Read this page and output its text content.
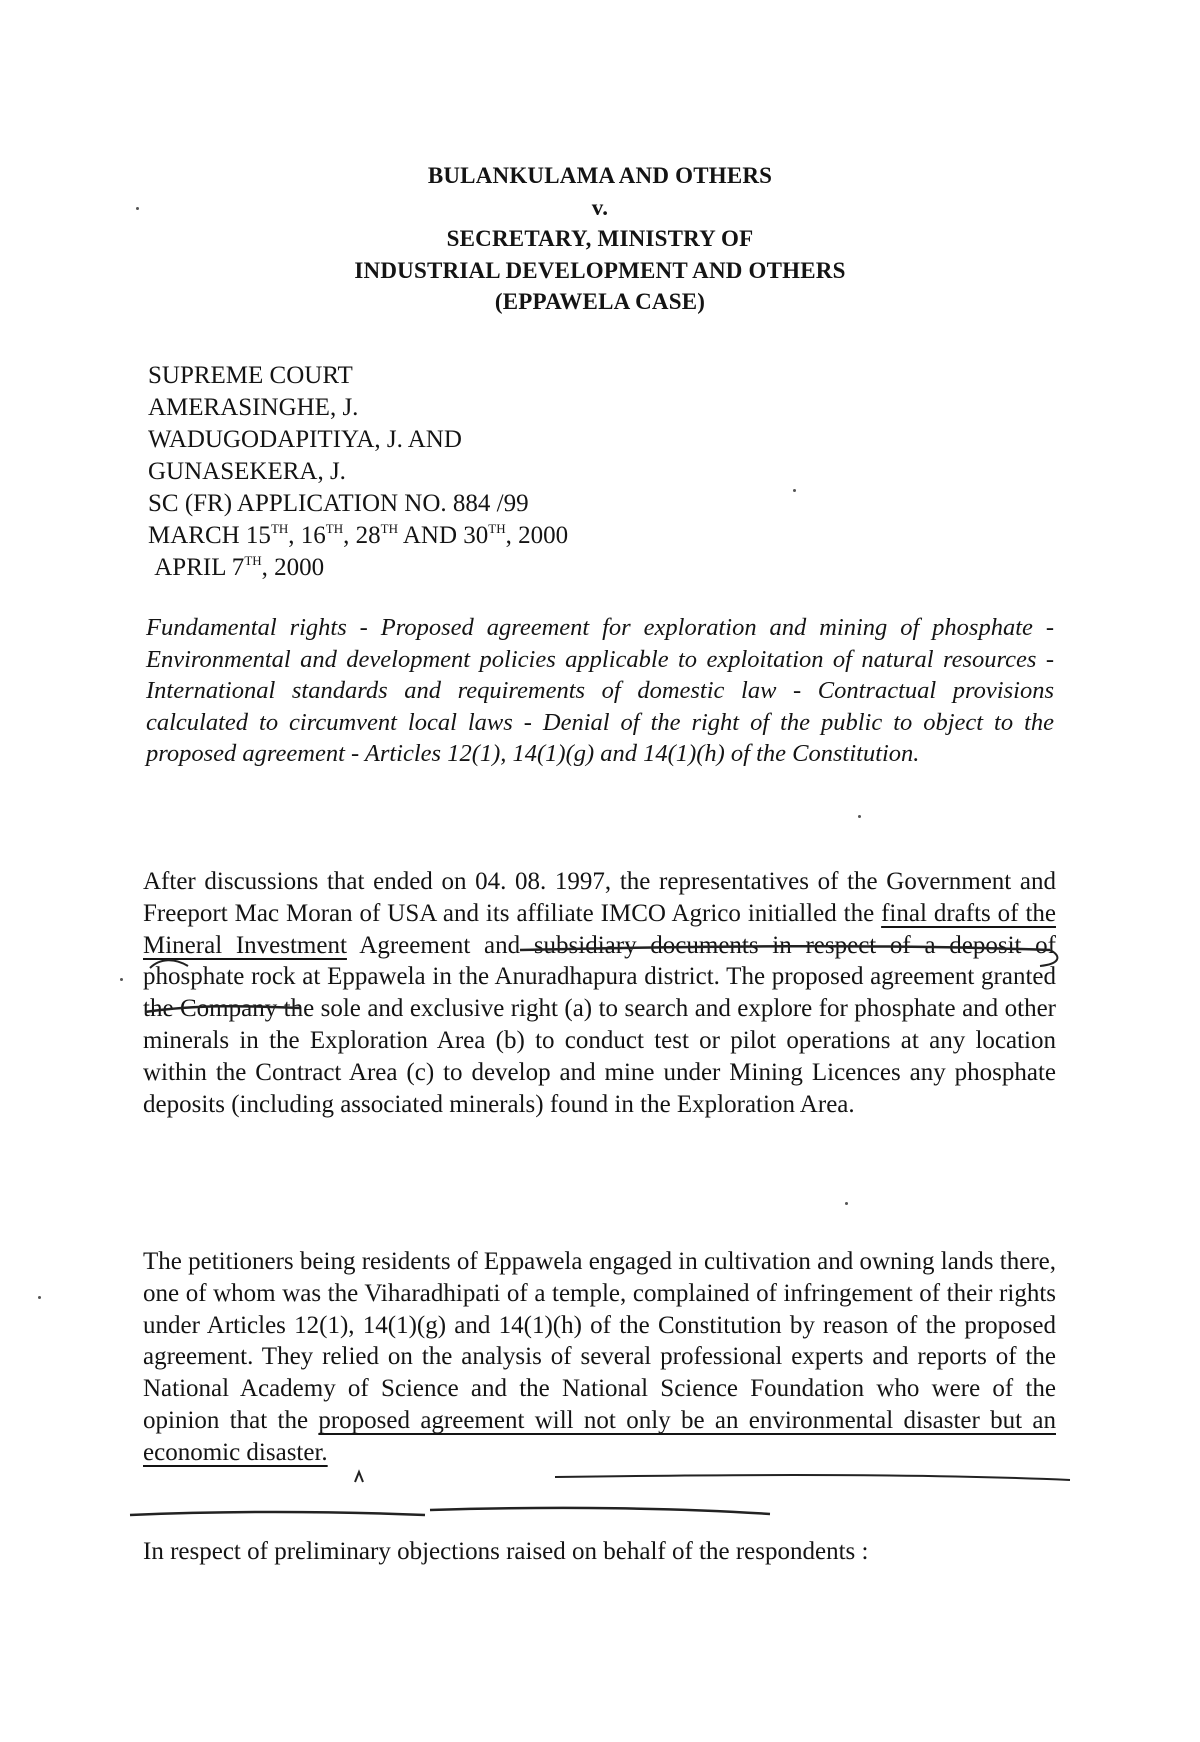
BULANKULAMA AND OTHERS
v.
SECRETARY, MINISTRY OF
INDUSTRIAL DEVELOPMENT AND OTHERS
(EPPAWELA CASE)
SUPREME COURT
AMERASINGHE, J.
WADUGODAPITIYA, J. AND
GUNASEKERA, J.
SC (FR) APPLICATION NO. 884 /99
MARCH 15TH, 16TH, 28TH AND 30TH, 2000
APRIL 7TH, 2000
Fundamental rights - Proposed agreement for exploration and mining of phosphate - Environmental and development policies applicable to exploitation of natural resources - International standards and requirements of domestic law - Contractual provisions calculated to circumvent local laws - Denial of the right of the public to object to the proposed agreement - Articles 12(1), 14(1)(g) and 14(1)(h) of the Constitution.
After discussions that ended on 04. 08. 1997, the representatives of the Government and Freeport Mac Moran of USA and its affiliate IMCO Agrico initialled the final drafts of the Mineral Investment Agreement and subsidiary documents in respect of a deposit of phosphate rock at Eppawela in the Anuradhapura district. The proposed agreement granted the Company the sole and exclusive right (a) to search and explore for phosphate and other minerals in the Exploration Area (b) to conduct test or pilot operations at any location within the Contract Area (c) to develop and mine under Mining Licences any phosphate deposits (including associated minerals) found in the Exploration Area.
The petitioners being residents of Eppawela engaged in cultivation and owning lands there, one of whom was the Viharadhipati of a temple, complained of infringement of their rights under Articles 12(1), 14(1)(g) and 14(1)(h) of the Constitution by reason of the proposed agreement. They relied on the analysis of several professional experts and reports of the National Academy of Science and the National Science Foundation who were of the opinion that the proposed agreement will not only be an environmental disaster but an economic disaster.
In respect of preliminary objections raised on behalf of the respondents :
